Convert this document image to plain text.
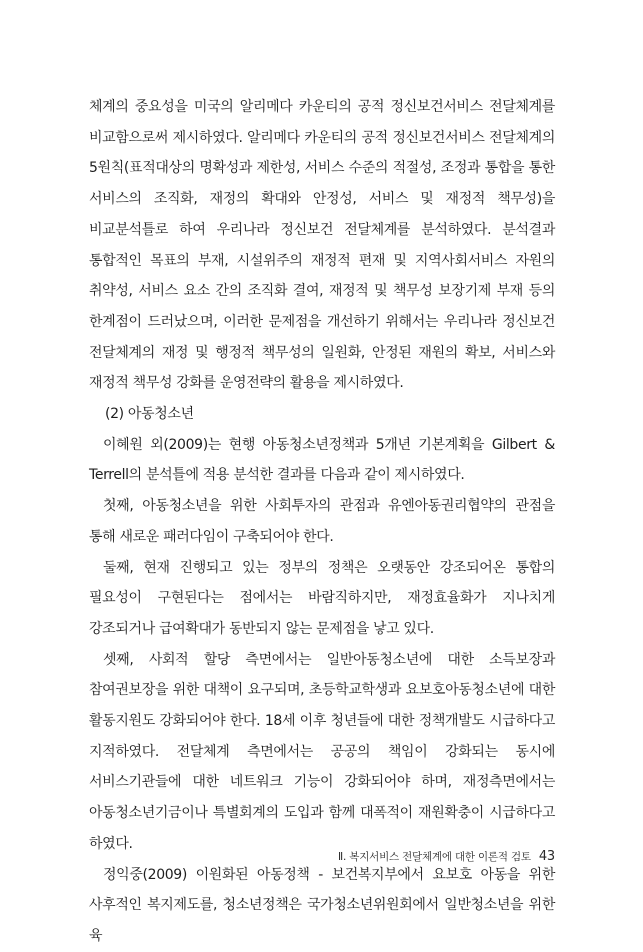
체계의 중요성을 미국의 알리메다 카운티의 공적 정신보건서비스 전달체계를 비교함으로써 제시하였다. 알리메다 카운티의 공적 정신보건서비스 전달체계의 5원칙(표적대상의 명확성과 제한성, 서비스 수준의 적절성, 조정과 통합을 통한 서비스의 조직화, 재정의 확대와 안정성, 서비스 및 재정적 책무성)을 비교분석틀로 하여 우리나라 정신보건 전달체계를 분석하였다. 분석결과 통합적인 목표의 부재, 시설위주의 재정적 편재 및 지역사회서비스 자원의 취약성, 서비스 요소 간의 조직화 결여, 재정적 및 책무성 보장기제 부재 등의 한계점이 드러났으며, 이러한 문제점을 개선하기 위해서는 우리나라 정신보건 전달체계의 재정 및 행정적 책무성의 일원화, 안정된 재원의 확보, 서비스와 재정적 책무성 강화를 운영전략의 활용을 제시하였다.

(2) 아동청소년

이혜원 외(2009)는 현행 아동청소년정책과 5개년 기본계획을 Gilbert & Terrell의 분석틀에 적용 분석한 결과를 다음과 같이 제시하였다.

첫째, 아동청소년을 위한 사회투자의 관점과 유엔아동권리협약의 관점을 통해 새로운 패러다임이 구축되어야 한다.

둘째, 현재 진행되고 있는 정부의 정책은 오랫동안 강조되어온 통합의 필요성이 구현된다는 점에서는 바람직하지만, 재정효율화가 지나치게 강조되거나 급여확대가 동반되지 않는 문제점을 낳고 있다.

셋째, 사회적 할당 측면에서는 일반아동청소년에 대한 소득보장과 참여권보장을 위한 대책이 요구되며, 초등학교학생과 요보호아동청소년에 대한 활동지원도 강화되어야 한다. 18세 이후 청년들에 대한 정책개발도 시급하다고 지적하였다. 전달체계 측면에서는 공공의 책임이 강화되는 동시에 서비스기관들에 대한 네트워크 기능이 강화되어야 하며, 재정측면에서는 아동청소년기금이나 특별회계의 도입과 함께 대폭적이 재원확충이 시급하다고 하였다.

정익중(2009) 이원화된 아동정책 - 보건복지부에서 요보호 아동을 위한 사후적인 복지제도를, 청소년정책은 국가청소년위원회에서 일반청소년을 위한 육

Ⅱ. 복지서비스 전달체계에 대한 이론적 검토 43
